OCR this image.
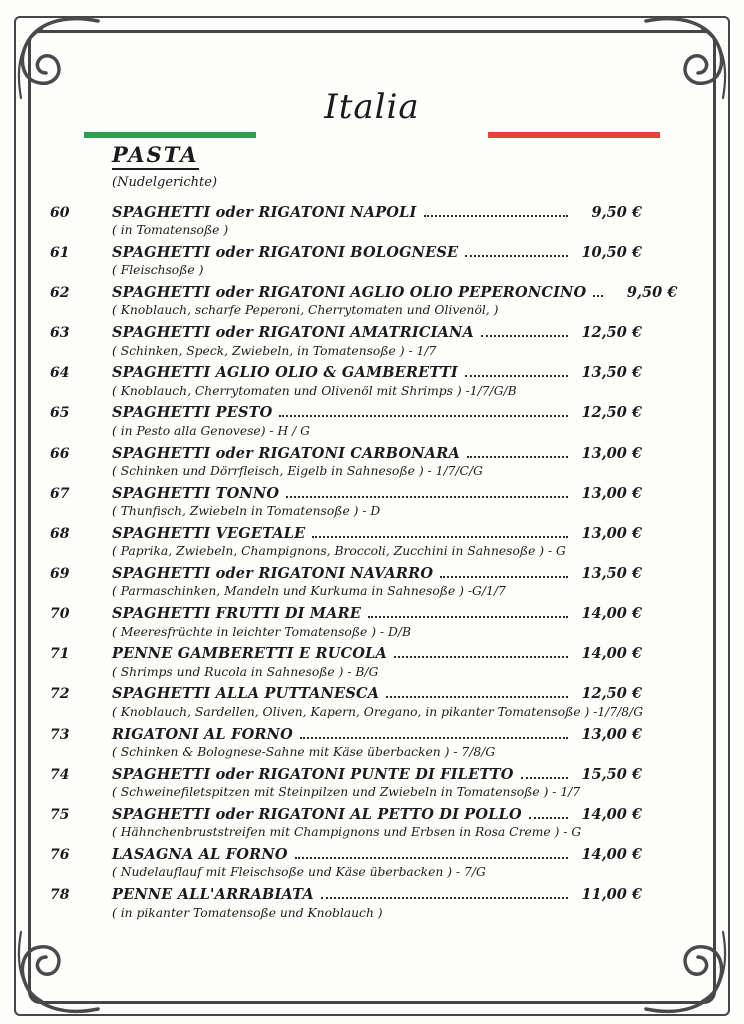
Italia
PASTA
(Nudelgerichte)
60	SPAGHETTI oder RIGATONI NAPOLI	9,50 €
( in Tomatensoße )
61	SPAGHETTI oder RIGATONI BOLOGNESE	10,50 €
( Fleischsoße )
62	SPAGHETTI oder RIGATONI AGLIO OLIO PEPERONCINO	9,50 €
( Knoblauch, scharfe Peperoni, Cherrytomaten und Olivenöl, )
63	SPAGHETTI oder RIGATONI AMATRICIANA	12,50 €
( Schinken, Speck, Zwiebeln, in Tomatensoße ) - 1/7
64	SPAGHETTI AGLIO OLIO & GAMBERETTI	13,50 €
( Knoblauch, Cherrytomaten und Olivenöl mit Shrimps ) -1/7/G/B
65	SPAGHETTI PESTO	12,50 €
( in Pesto alla Genovese) - H / G
66	SPAGHETTI oder RIGATONI CARBONARA	13,00 €
( Schinken und Dörrfleisch, Eigelb in Sahnesoße ) - 1/7/C/G
67	SPAGHETTI TONNO	13,00 €
( Thunfisch, Zwiebeln in Tomatensoße ) - D
68	SPAGHETTI VEGETALE	13,00 €
( Paprika, Zwiebeln, Champignons, Broccoli, Zucchini in Sahnesoße ) - G
69	SPAGHETTI oder RIGATONI NAVARRO	13,50 €
( Parmaschinken, Mandeln und Kurkuma in Sahnesoße ) -G/1/7
70	SPAGHETTI FRUTTI DI MARE	14,00 €
( Meeresfrüchte in leichter Tomatensoße ) - D/B
71	PENNE GAMBERETTI E RUCOLA	14,00 €
( Shrimps und Rucola in Sahnesoße ) - B/G
72	SPAGHETTI ALLA PUTTANESCA	12,50 €
( Knoblauch, Sardellen, Oliven, Kapern, Oregano, in pikanter Tomatensoße ) -1/7/8/G
73	RIGATONI AL FORNO	13,00 €
( Schinken & Bolognese-Sahne mit Käse überbacken ) - 7/8/G
74	SPAGHETTI oder RIGATONI PUNTE DI FILETTO	15,50 €
( Schweinefiletspitzen mit Steinpilzen und Zwiebeln in Tomatensoße ) - 1/7
75	SPAGHETTI oder RIGATONI AL PETTO DI POLLO	14,00 €
( Hähnchenbruststreifen mit Champignons und Erbsen in Rosa Creme ) - G
76	LASAGNA AL FORNO	14,00 €
( Nudelauflauf mit Fleischsoße und Käse überbacken ) - 7/G
78	PENNE ALL'ARRABIATA	11,00 €
( in pikanter Tomatensoße und Knoblauch )
